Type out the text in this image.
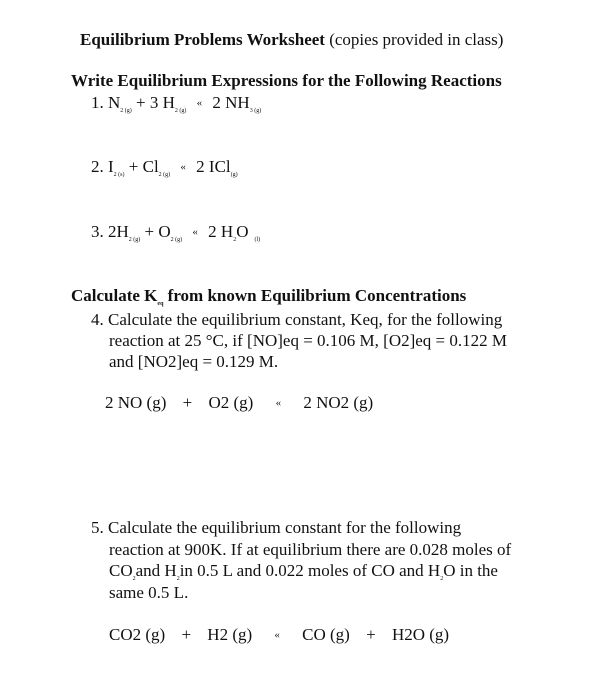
Equilibrium Problems Worksheet (copies provided in class)
Write Equilibrium Expressions for the Following Reactions
1. $N_{2 (g)} + 3$ $H_{2 (g)}$ « 2 $NH_{3 (g)}$
2. $I_{2 (s)} + Cl_{2 (g)}$ « 2 ICl$_{(g)}$
3. $2H_{2 (g)} + O_{2 (g)}$ « 2 $H_2O$ $_{(l)}$
Calculate $K_{eq}$ from known Equilibrium Concentrations
4. Calculate the equilibrium constant, Keq, for the following
reaction at 25 °C, if [NO]eq = 0.106 M, [O2]eq = 0.122 M
and [NO2]eq = 0.129 M.
2 NO (g) + O2 (g) « 2 NO2 (g)
5. Calculate the equilibrium constant for the following
reaction at 900K. If at equilibrium there are 0.028 moles of
$CO_2and$ $H_2in$ 0.5 L and 0.022 moles of CO and $H_2O$ in the
same 0.5 L.
CO2 (g) + H2 (g) « CO (g) + H2O (g)
